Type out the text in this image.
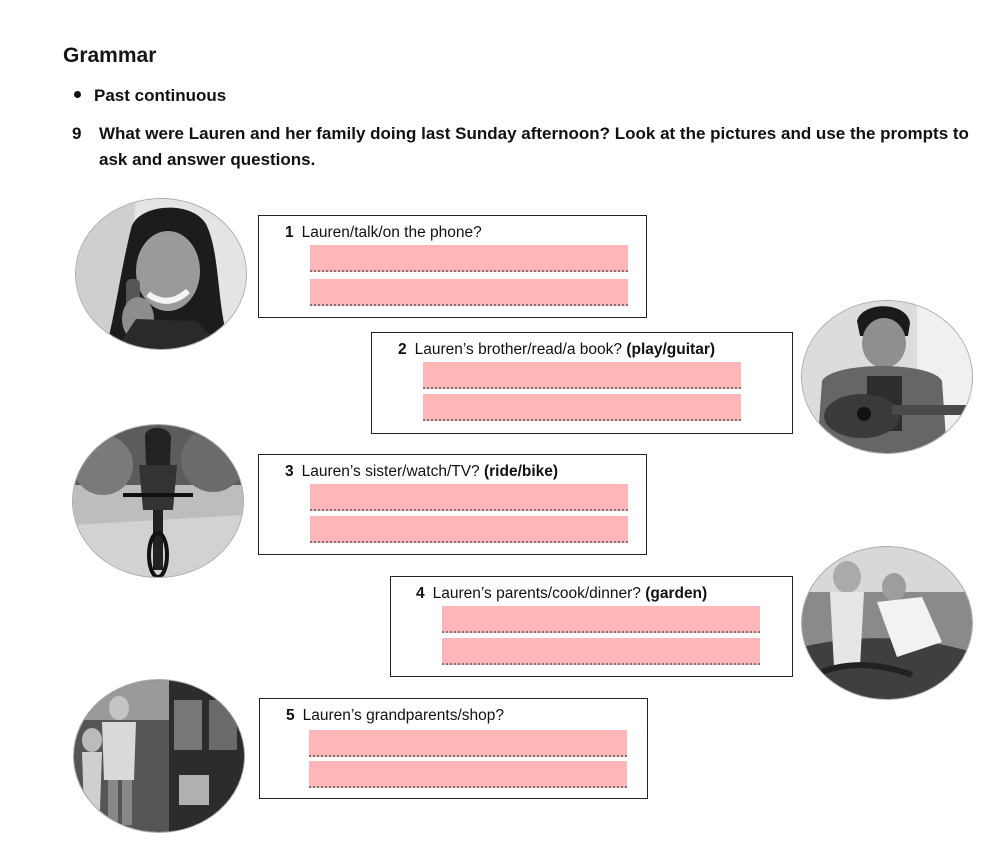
Grammar
Past continuous
9 What were Lauren and her family doing last Sunday afternoon? Look at the pictures and use the prompts to ask and answer questions.
1 Lauren/talk/on the phone?
2 Lauren’s brother/read/a book? (play/guitar)
3 Lauren’s sister/watch/TV? (ride/bike)
4 Lauren’s parents/cook/dinner? (garden)
5 Lauren’s grandparents/shop?
